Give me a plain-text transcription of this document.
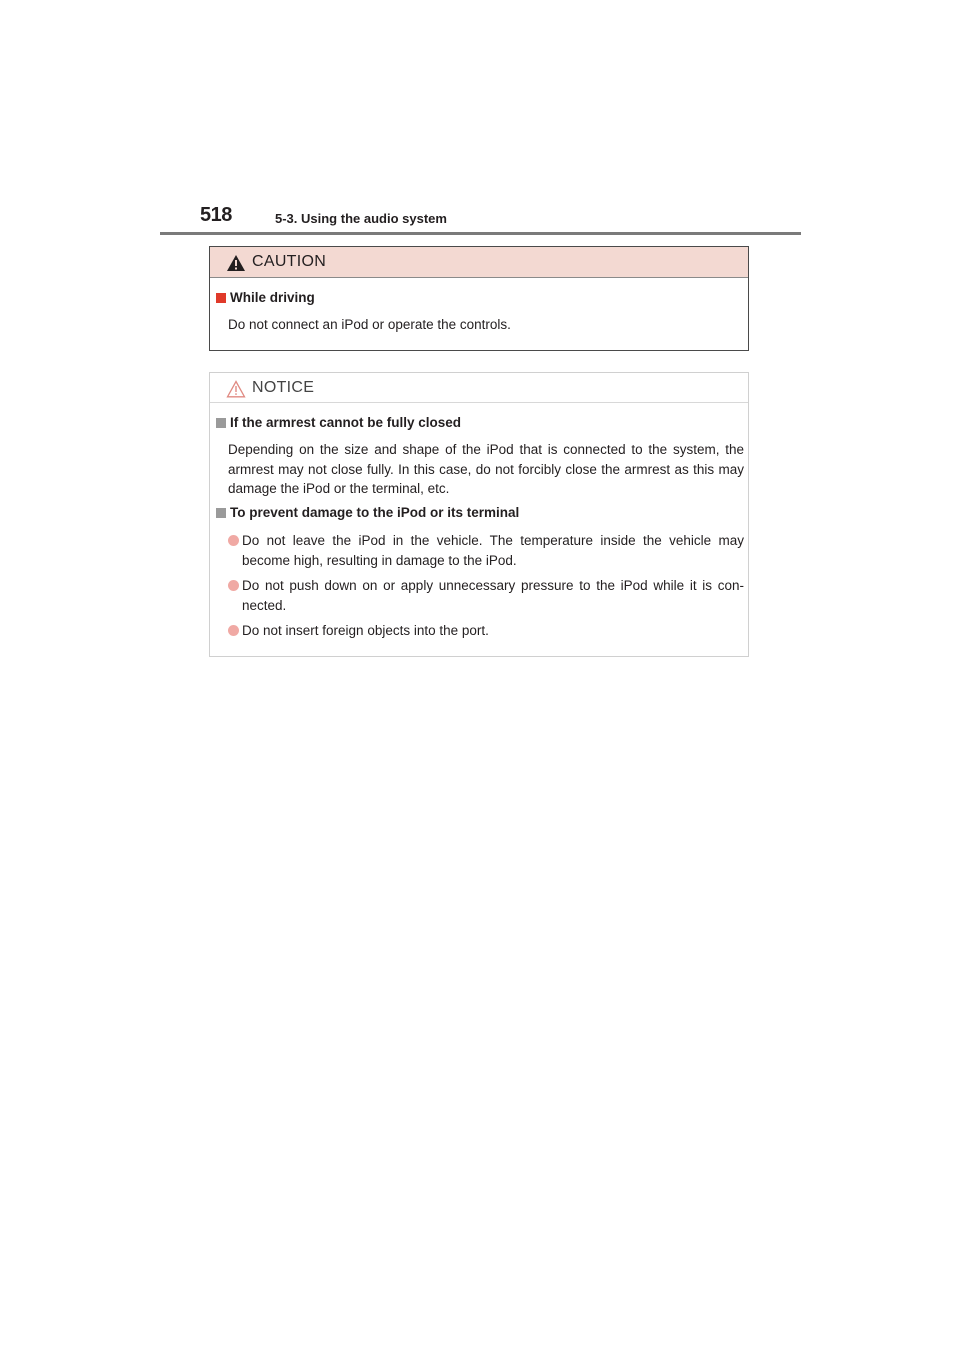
518	5-3. Using the audio system
CAUTION
While driving
Do not connect an iPod or operate the controls.
NOTICE
If the armrest cannot be fully closed
Depending on the size and shape of the iPod that is connected to the system, the armrest may not close fully. In this case, do not forcibly close the armrest as this may damage the iPod or the terminal, etc.
To prevent damage to the iPod or its terminal
Do not leave the iPod in the vehicle. The temperature inside the vehicle may become high, resulting in damage to the iPod.
Do not push down on or apply unnecessary pressure to the iPod while it is con-nected.
Do not insert foreign objects into the port.
